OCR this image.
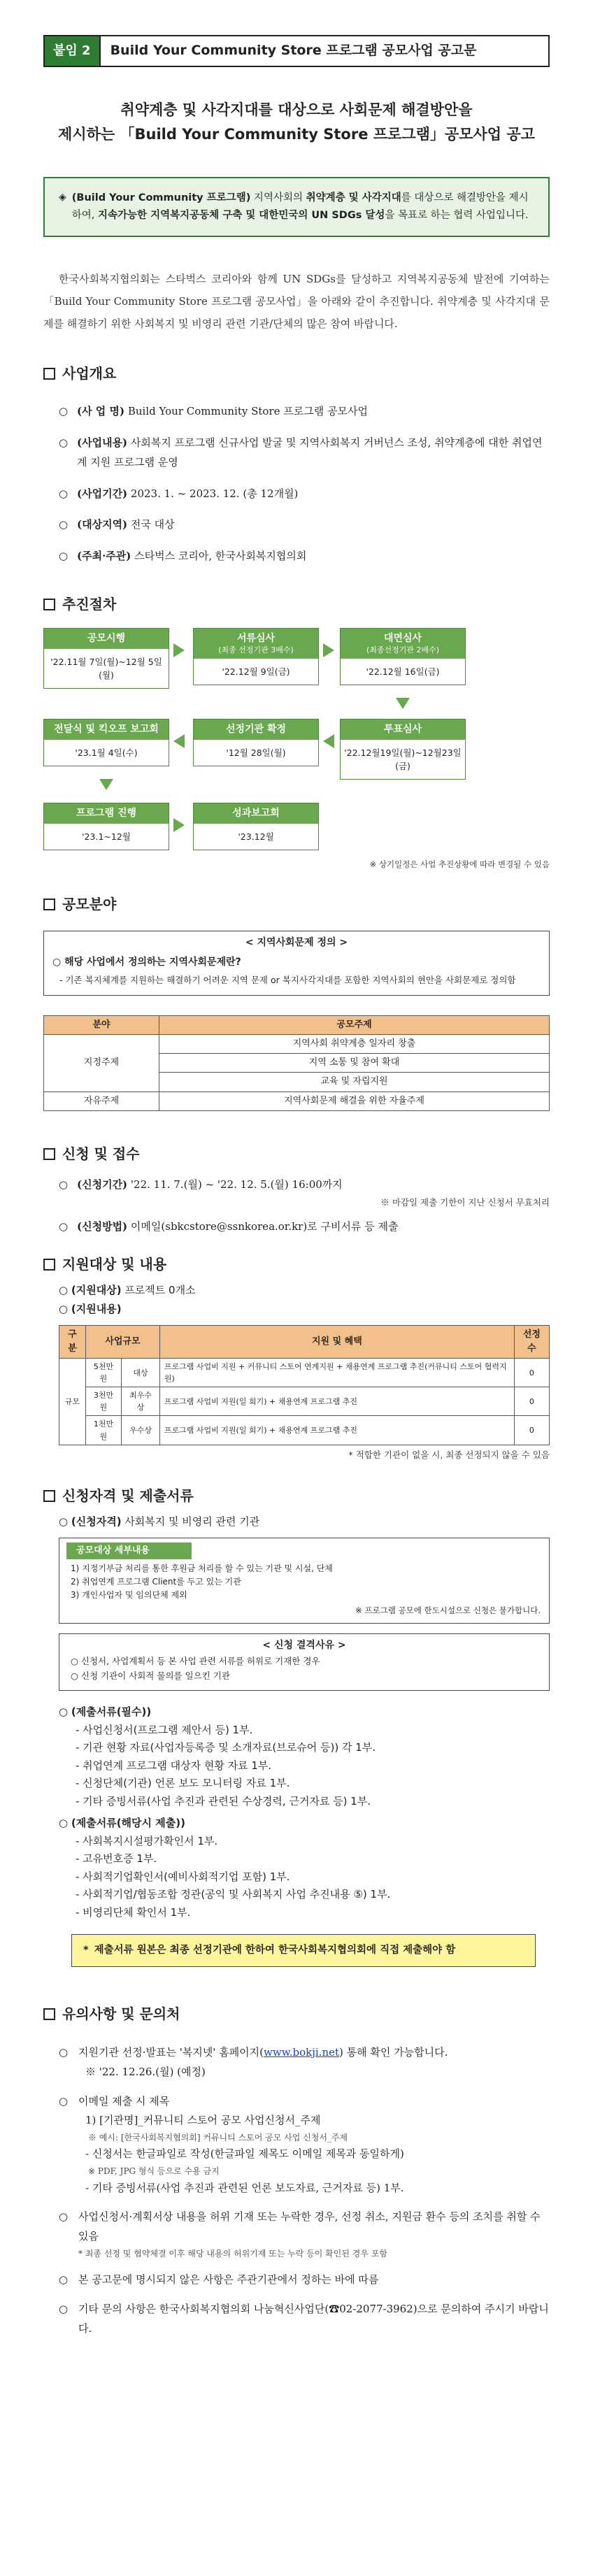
붙임 2	Build Your Community Store 프로그램 공모사업 공고문
취약계층 및 사각지대를 대상으로 사회문제 해결방안을
제시하는 「Build Your Community Store 프로그램」공모사업 공고
◈ (Build Your Community 프로그램) 지역사회의 취약계층 및 사각지대를 대상으로 해결방안을 제시하여, 지속가능한 지역복지공동체 구축 및 대한민국의 UN SDGs 달성을 목표로 하는 협력 사업입니다.

한국사회복지협의회는 스타벅스 코리아와 함께 UN SDGs를 달성하고 지역복지공동체 발전에 기여하는 「Build Your Community Store 프로그램 공모사업」을 아래와 같이 추진합니다. 취약계층 및 사각지대 문제를 해결하기 위한 사회복지 및 비영리 관련 기관/단체의 많은 참여 바랍니다.

사업개요
○ (사 업 명) Build Your Community Store 프로그램 공모사업
○ (사업내용) 사회복지 프로그램 신규사업 발굴 및 지역사회복지 거버넌스 조성, 취약계층에 대한 취업연계 지원 프로그램 운영
○ (사업기간) 2023. 1. ~ 2023. 12. (총 12개월)
○ (대상지역) 전국 대상
○ (주최·주관) 스타벅스 코리아, 한국사회복지협의회
추진절차
공모시행
'22.11월 7일(월)~12월 5일(월)
서류심사
(최종 선정기관 3배수)
'22.12월 9일(금)
대면심사
(최종선정기관 2배수)
'22.12월 16일(금)
투표심사
'22.12월19일(월)~12월23일(금)
선정기관 확정
'12월 28일(월)
전달식 및 킥오프 보고회
'23.1월 4일(수)
프로그램 진행
'23.1~12월
성과보고회
'23.12월
※ 상기일정은 사업 추진상황에 따라 변경될 수 있음
공모분야
< 지역사회문제 정의 >
○ 해당 사업에서 정의하는 지역사회문제란?
- 기존 복지체계를 지원하는 해결하기 어려운 지역 문제 or 복지사각지대를 포함한 지역사회의 현안을 사회문제로 정의함
분야	공모주제
지정주제	지역사회 취약계층 일자리 창출
	지역 소통 및 참여 확대
	교육 및 자립지원
자유주제	지역사회문제 해결을 위한 자율주제
신청 및 접수
○ (신청기간) '22. 11. 7.(월) ~ '22. 12. 5.(월) 16:00까지
※ 마감일 제출 기한이 지난 신청서 무효처리
○ (신청방법) 이메일(sbkcstore@ssnkorea.or.kr)로 구비서류 등 제출
지원대상 및 내용
○ (지원대상) 프로젝트 0개소
○ (지원내용)
구분	사업규모		지원 및 혜택	선정수
규모	5천만원	대상	프로그램 사업비 지원 + 커뮤니티 스토어 연계지원 + 채용연계 프로그램 추진(커뮤니티 스토어 협력지원)	0
	3천만원	최우수상	프로그램 사업비 지원(일 회기) + 채용연계 프로그램 추진	0
	1천만원	우수상	프로그램 사업비 지원(일 회기) + 채용연계 프로그램 추진	0
* 적합한 기관이 없을 시, 최종 선정되지 않을 수 있음
신청자격 및 제출서류
○ (신청자격) 사회복지 및 비영리 관련 기관
공모대상 세부내용
1) 지정기부금 처리를 통한 후원금 처리를 할 수 있는 기관 및 시설, 단체
2) 취업연계 프로그램 Client를 두고 있는 기관
3) 개인사업자 및 임의단체 제외
※ 프로그램 공모에 한도시설으로 신청은 불가합니다.
< 신청 결격사유 >
○ 신청서, 사업계획서 등 본 사업 관련 서류를 허위로 기재한 경우
○ 신청 기관이 사회적 물의를 일으킨 기관
○ (제출서류(필수))
- 사업신청서(프로그램 제안서 등) 1부.
- 기관 현황 자료(사업자등록증 및 소개자료(브로슈어 등)) 각 1부.
- 취업연계 프로그램 대상자 현황 자료 1부.
- 신청단체(기관) 언론 보도 모니터링 자료 1부.
- 기타 증빙서류(사업 추진과 관련된 수상경력, 근거자료 등) 1부.
○ (제출서류(해당시 제출))
- 사회복지시설평가확인서 1부.
- 고유번호증 1부.
- 사회적기업확인서(예비사회적기업 포함) 1부.
- 사회적기업/협동조합 정관(공익 및 사회복지 사업 추진내용 ⑤) 1부.
- 비영리단체 확인서 1부.
* 제출서류 원본은 최종 선정기관에 한하여 한국사회복지협의회에 직접 제출해야 함
유의사항 및 문의처
○ 지원기관 선정·발표는 '복지넷' 홈페이지(www.bokji.net) 통해 확인 가능합니다.
※ '22. 12.26.(월) (예정)
○ 이메일 제출 시 제목
1) [기관명]_커뮤니티 스토어 공모 사업신청서_주제
※ 예시: [한국사회복지협의회] 커뮤니티 스토어 공모 사업 신청서_주제
- 신청서는 한글파일로 작성(한글파일 제목도 이메일 제목과 동일하게)
※ PDF, JPG 형식 등으로 수용 금지
- 기타 증빙서류(사업 추진과 관련된 언론 보도자료, 근거자료 등) 1부.
○ 사업신청서·계획서상 내용을 허위 기재 또는 누락한 경우, 선정 취소, 지원금 환수 등의 조치를 취할 수 있음
* 최종 선정 및 협약체결 이후 해당 내용의 허위기재 또는 누락 등이 확인된 경우 포함
○ 본 공고문에 명시되지 않은 사항은 주관기관에서 정하는 바에 따름
○ 기타 문의 사항은 한국사회복지협의회 나눔혁신사업단(☎02-2077-3962)으로 문의하여 주시기 바랍니다.
